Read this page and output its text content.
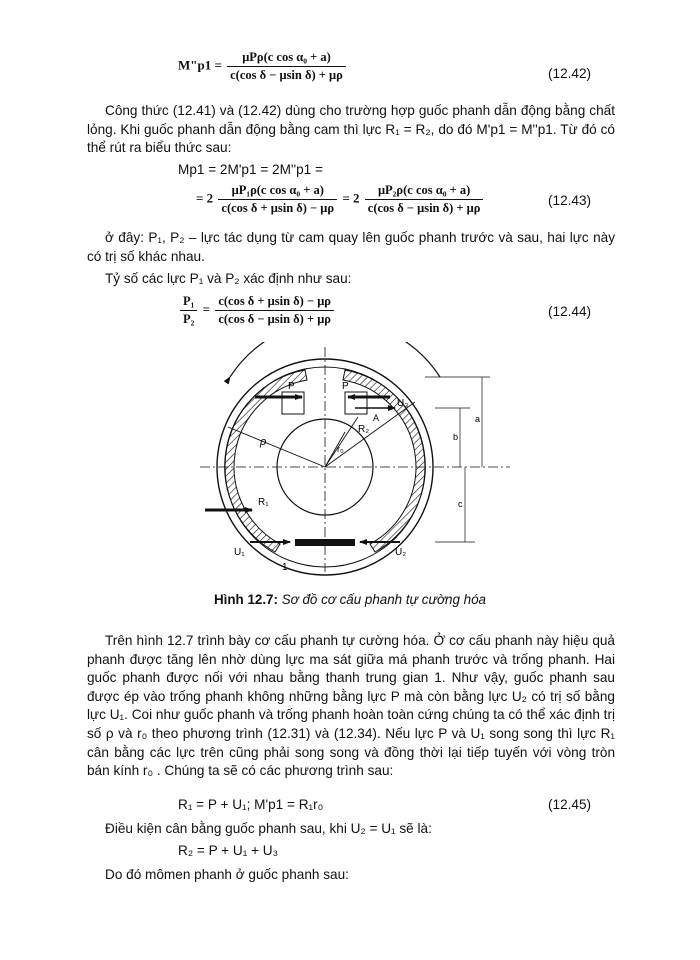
M"p1 = $\frac{\text{μPρ(c cos α₀ + a)}}{\text{c(cos δ − μsin δ) + μρ}}$	(12.42)
Công thức (12.41) và (12.42) dùng cho trường hợp guốc phanh dẫn động bằng chất lỏng. Khi guốc phanh dẫn động bằng cam thì lực R₁ = R₂, do đó M'p1 = M''p1. Từ đó có thể rút ra biểu thức sau:
Mp1 = 2M'p1 = 2M''p1 =
= $2 \frac{\text{μP₁ρ(c cos α₀ + a)}}{\text{c(cos δ + μsin δ) − μρ}} = 2 \frac{\text{μP₂ρ(c cos α₀ + a)}}{\text{c(cos δ − μsin δ) + μρ}}$	(12.43)
ở đây: P₁, P₂ – lực tác dụng từ cam quay lên guốc phanh trước và sau, hai lực này có trị số khác nhau.
Tỷ số các lực P₁ và P₂ xác định như sau:
$\frac{\text{P₁}}{\text{P₂}} = \frac{\text{c(cos δ + μsin δ) − μρ}}{\text{c(cos δ − μsin δ) + μρ}}$	(12.44)
P	P
U₃
A
R₂
r₀
ρ
R₁
U₁	U₂
1
b
a
c
Hình 12.7: Sơ đồ cơ cấu phanh tự cường hóa
Trên hình 12.7 trình bày cơ cấu phanh tự cường hóa. Ở cơ cấu phanh này hiệu quả phanh được tăng lên nhờ dùng lực ma sát giữa má phanh trước và trống phanh. Hai guốc phanh được nối với nhau bằng thanh trung gian 1. Như vậy, guốc phanh sau được ép vào trống phanh không những bằng lực P mà còn bằng lực U₂ có trị số bằng lực U₁. Coi như guốc phanh và trống phanh hoàn toàn cứng chúng ta có thể xác định trị số ρ và r₀ theo phương trình (12.31) và (12.34). Nếu lực P và U₁ song song thì lực R₁ cân bằng các lực trên cũng phải song song và đồng thời lại tiếp tuyến với vòng tròn bán kính r₀ . Chúng ta sẽ có các phương trình sau:
R₁ = P + U₁; M'p1 = R₁r₀	(12.45)
Điều kiện cân bằng guốc phanh sau, khi U₂ = U₁ sẽ là:
R₂ = P + U₁ + U₃
Do đó mômen phanh ở guốc phanh sau:
